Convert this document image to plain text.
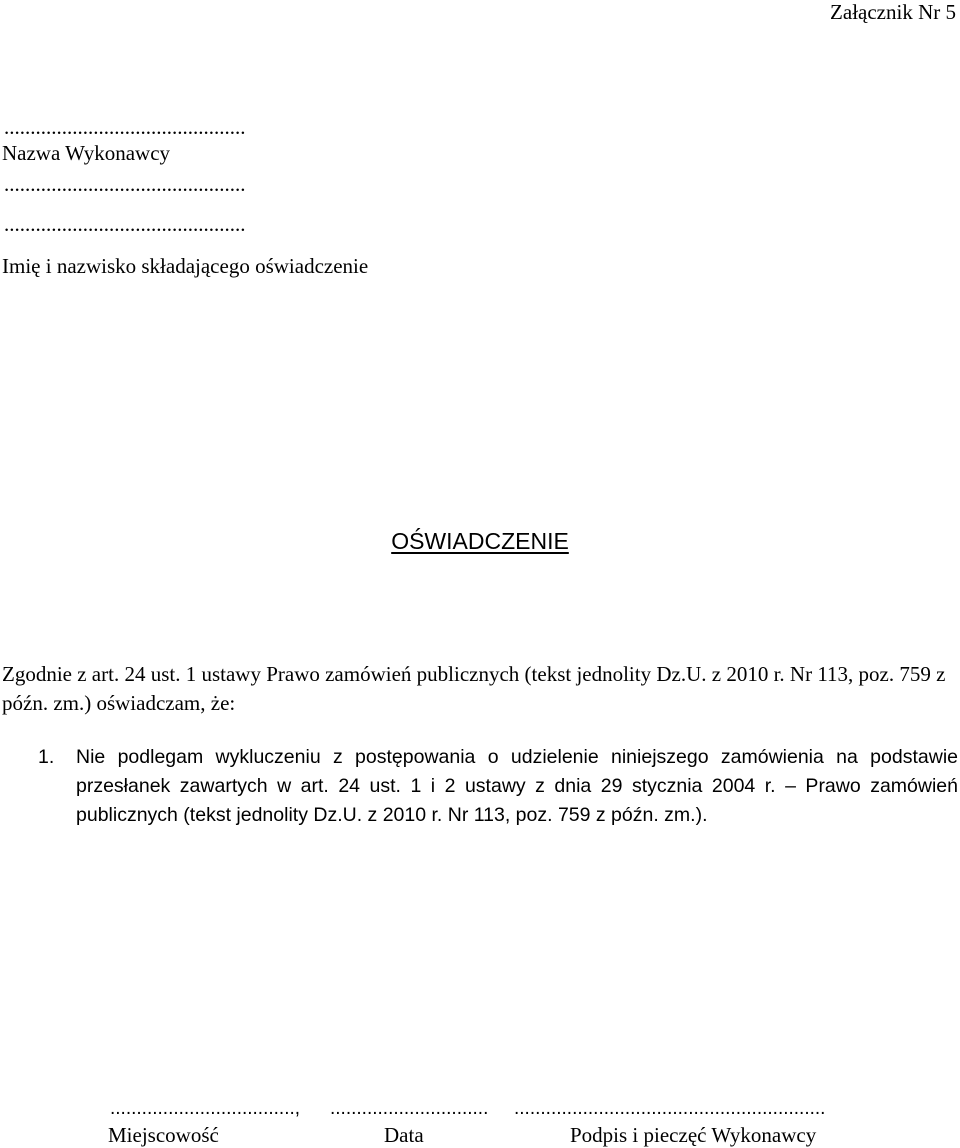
Załącznik Nr 5
..............................................
Nazwa Wykonawcy
..............................................
..............................................
Imię i nazwisko składającego oświadczenie
OŚWIADCZENIE

Zgodnie z art. 24 ust. 1 ustawy Prawo zamówień publicznych (tekst jednolity Dz.U. z 2010 r. Nr 113, poz. 759 z późn. zm.) oświadczam, że:

1.	Nie podlegam wykluczeniu z postępowania o udzielenie niniejszego zamówienia na podstawie przesłanek zawartych w art. 24 ust. 1 i 2 ustawy z dnia 29 stycznia 2004 r. – Prawo zamówień publicznych (tekst jednolity Dz.U. z 2010 r. Nr 113, poz. 759 z późn. zm.).
..................................., .............................. ...........................................................
Miejscowość	Data	Podpis i pieczęć Wykonawcy
